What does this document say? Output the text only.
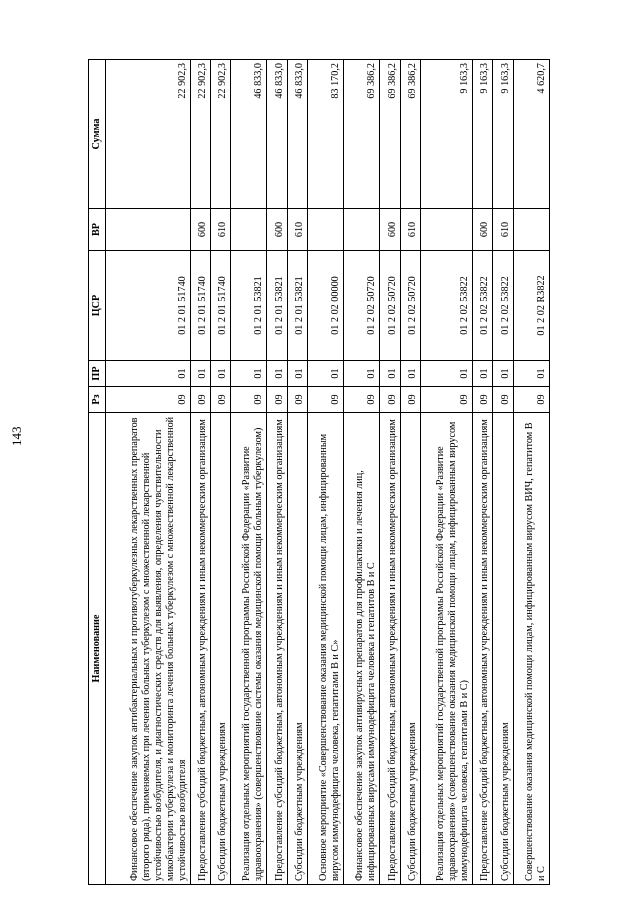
143
Наименование	Рз	ПР	ЦСР	ВР	Сумма
Финансовое обеспечение закупок антибактериальных и противотуберкулезных лекарственных препаратов (второго ряда), применяемых при лечении больных туберкулезом с множественной лекарственной устойчивостью возбудителя, и диагностических средств для выявления, определения чувствительности микобактерии туберкулеза и мониторинга лечения больных туберкулезом с множественной лекарственной устойчивостью возбудителя	09	01	01 2 01 51740		22 902,3
Предоставление субсидий бюджетным, автономным учреждениям и иным некоммерческим организациям	09	01	01 2 01 51740	600	22 902,3
Субсидии бюджетным учреждениям	09	01	01 2 01 51740	610	22 902,3
Реализация отдельных мероприятий государственной программы Российской Федерации «Развитие здравоохранения» (совершенствование системы оказания медицинской помощи больным туберкулезом)	09	01	01 2 01 53821		46 833,0
Предоставление субсидий бюджетным, автономным учреждениям и иным некоммерческим организациям	09	01	01 2 01 53821	600	46 833,0
Субсидии бюджетным учреждениям	09	01	01 2 01 53821	610	46 833,0
Основное мероприятие «Совершенствование оказания медицинской помощи лицам, инфицированным вирусом иммунодефицита человека, гепатитами В и С»	09	01	01 2 02 00000		83 170,2
Финансовое обеспечение закупок антивирусных препаратов для профилактики и лечения лиц, инфицированных вирусами иммунодефицита человека и гепатитов В и С	09	01	01 2 02 50720		69 386,2
Предоставление субсидий бюджетным, автономным учреждениям и иным некоммерческим организациям	09	01	01 2 02 50720	600	69 386,2
Субсидии бюджетным учреждениям	09	01	01 2 02 50720	610	69 386,2
Реализация отдельных мероприятий государственной программы Российской Федерации «Развитие здравоохранения» (совершенствование оказания медицинской помощи лицам, инфицированным вирусом иммунодефицита человека, гепатитами В и С)	09	01	01 2 02 53822		9 163,3
Предоставление субсидий бюджетным, автономным учреждениям и иным некоммерческим организациям	09	01	01 2 02 53822	600	9 163,3
Субсидии бюджетным учреждениям	09	01	01 2 02 53822	610	9 163,3
Совершенствование оказания медицинской помощи лицам, инфицированным вирусом ВИЧ, гепатитом В и С	09	01	01 2 02 R3822		4 620,7
